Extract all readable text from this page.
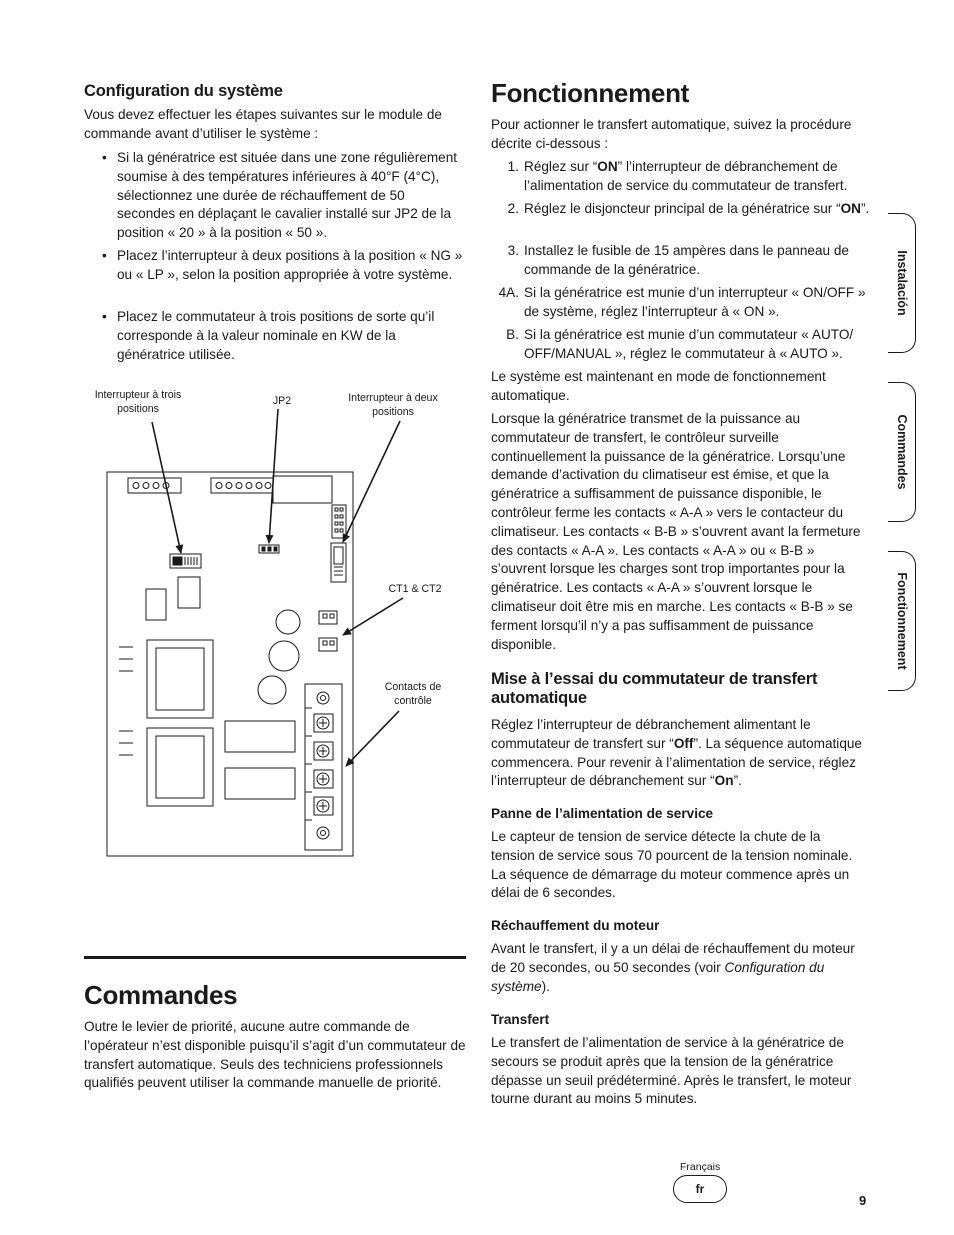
Configuration du système

Vous devez effectuer les étapes suivantes sur le module de commande avant d’utiliser le système :

• Si la génératrice est située dans une zone régulièrement soumise à des températures inférieures à 40°F (4°C), sélectionnez une durée de réchauffement de 50 secondes en déplaçant le cavalier installé sur JP2 de la position « 20 » à la position « 50 ».

• Placez l’interrupteur à deux positions à la position « NG » ou « LP », selon la position appropriée à votre système.

• Placez le commutateur à trois positions de sorte qu’il corresponde à la valeur nominale en KW de la génératrice utilisée.

Interrupteur à trois positions
JP2	Interrupteur à deux positions
CT1 & CT2
Contacts de contrôle
Commandes

Outre le levier de priorité, aucune autre commande de l’opérateur n’est disponible puisqu’il s’agit d’un commutateur de transfert automatique. Seuls des techniciens professionnels qualifiés peuvent utiliser la commande manuelle de priorité.

Fonctionnement

Pour actionner le transfert automatique, suivez la procédure décrite ci-dessous :

1. Réglez sur “ON” l’interrupteur de débranchement de l’alimentation de service du commutateur de transfert.

2. Réglez le disjoncteur principal de la génératrice sur “ON”.

3. Installez le fusible de 15 ampères dans le panneau de commande de la génératrice.

4A. Si la génératrice est munie d’un interrupteur « ON/OFF » de système, réglez l’interrupteur à « ON ».

B. Si la génératrice est munie d’un commutateur « AUTO/ OFF/MANUAL », réglez le commutateur à « AUTO ».

Le système est maintenant en mode de fonctionnement automatique.

Lorsque la génératrice transmet de la puissance au commutateur de transfert, le contrôleur surveille continuellement la puissance de la génératrice. Lorsqu’une demande d’activation du climatiseur est émise, et que la génératrice a suffisamment de puissance disponible, le contrôleur ferme les contacts « A-A » vers le contacteur du climatiseur. Les contacts « B-B » s’ouvrent avant la fermeture des contacts « A-A ». Les contacts « A-A » ou « B-B » s’ouvrent lorsque les charges sont trop importantes pour la génératrice. Les contacts « A-A » s’ouvrent lorsque le climatiseur doit être mis en marche. Les contacts « B-B » se ferment lorsqu’il n’y a pas suffisamment de puissance disponible.

Mise à l’essai du commutateur de transfert automatique

Réglez l’interrupteur de débranchement alimentant le commutateur de transfert sur “Off”. La séquence automatique commencera. Pour revenir à l’alimentation de service, réglez l’interrupteur de débranchement sur “On”.

Panne de l’alimentation de service

Le capteur de tension de service détecte la chute de la tension de service sous 70 pourcent de la tension nominale. La séquence de démarrage du moteur commence après un délai de 6 secondes.

Réchauffement du moteur

Avant le transfert, il y a un délai de réchauffement du moteur de 20 secondes, ou 50 secondes (voir Configuration du système).

Transfert

Le transfert de l’alimentation de service à la génératrice de secours se produit après que la tension de la génératrice dépasse un seuil prédéterminé. Après le transfert, le moteur tourne durant au moins 5 minutes.

Instalación
Commandes
Fonctionnement
Français
fr
9
